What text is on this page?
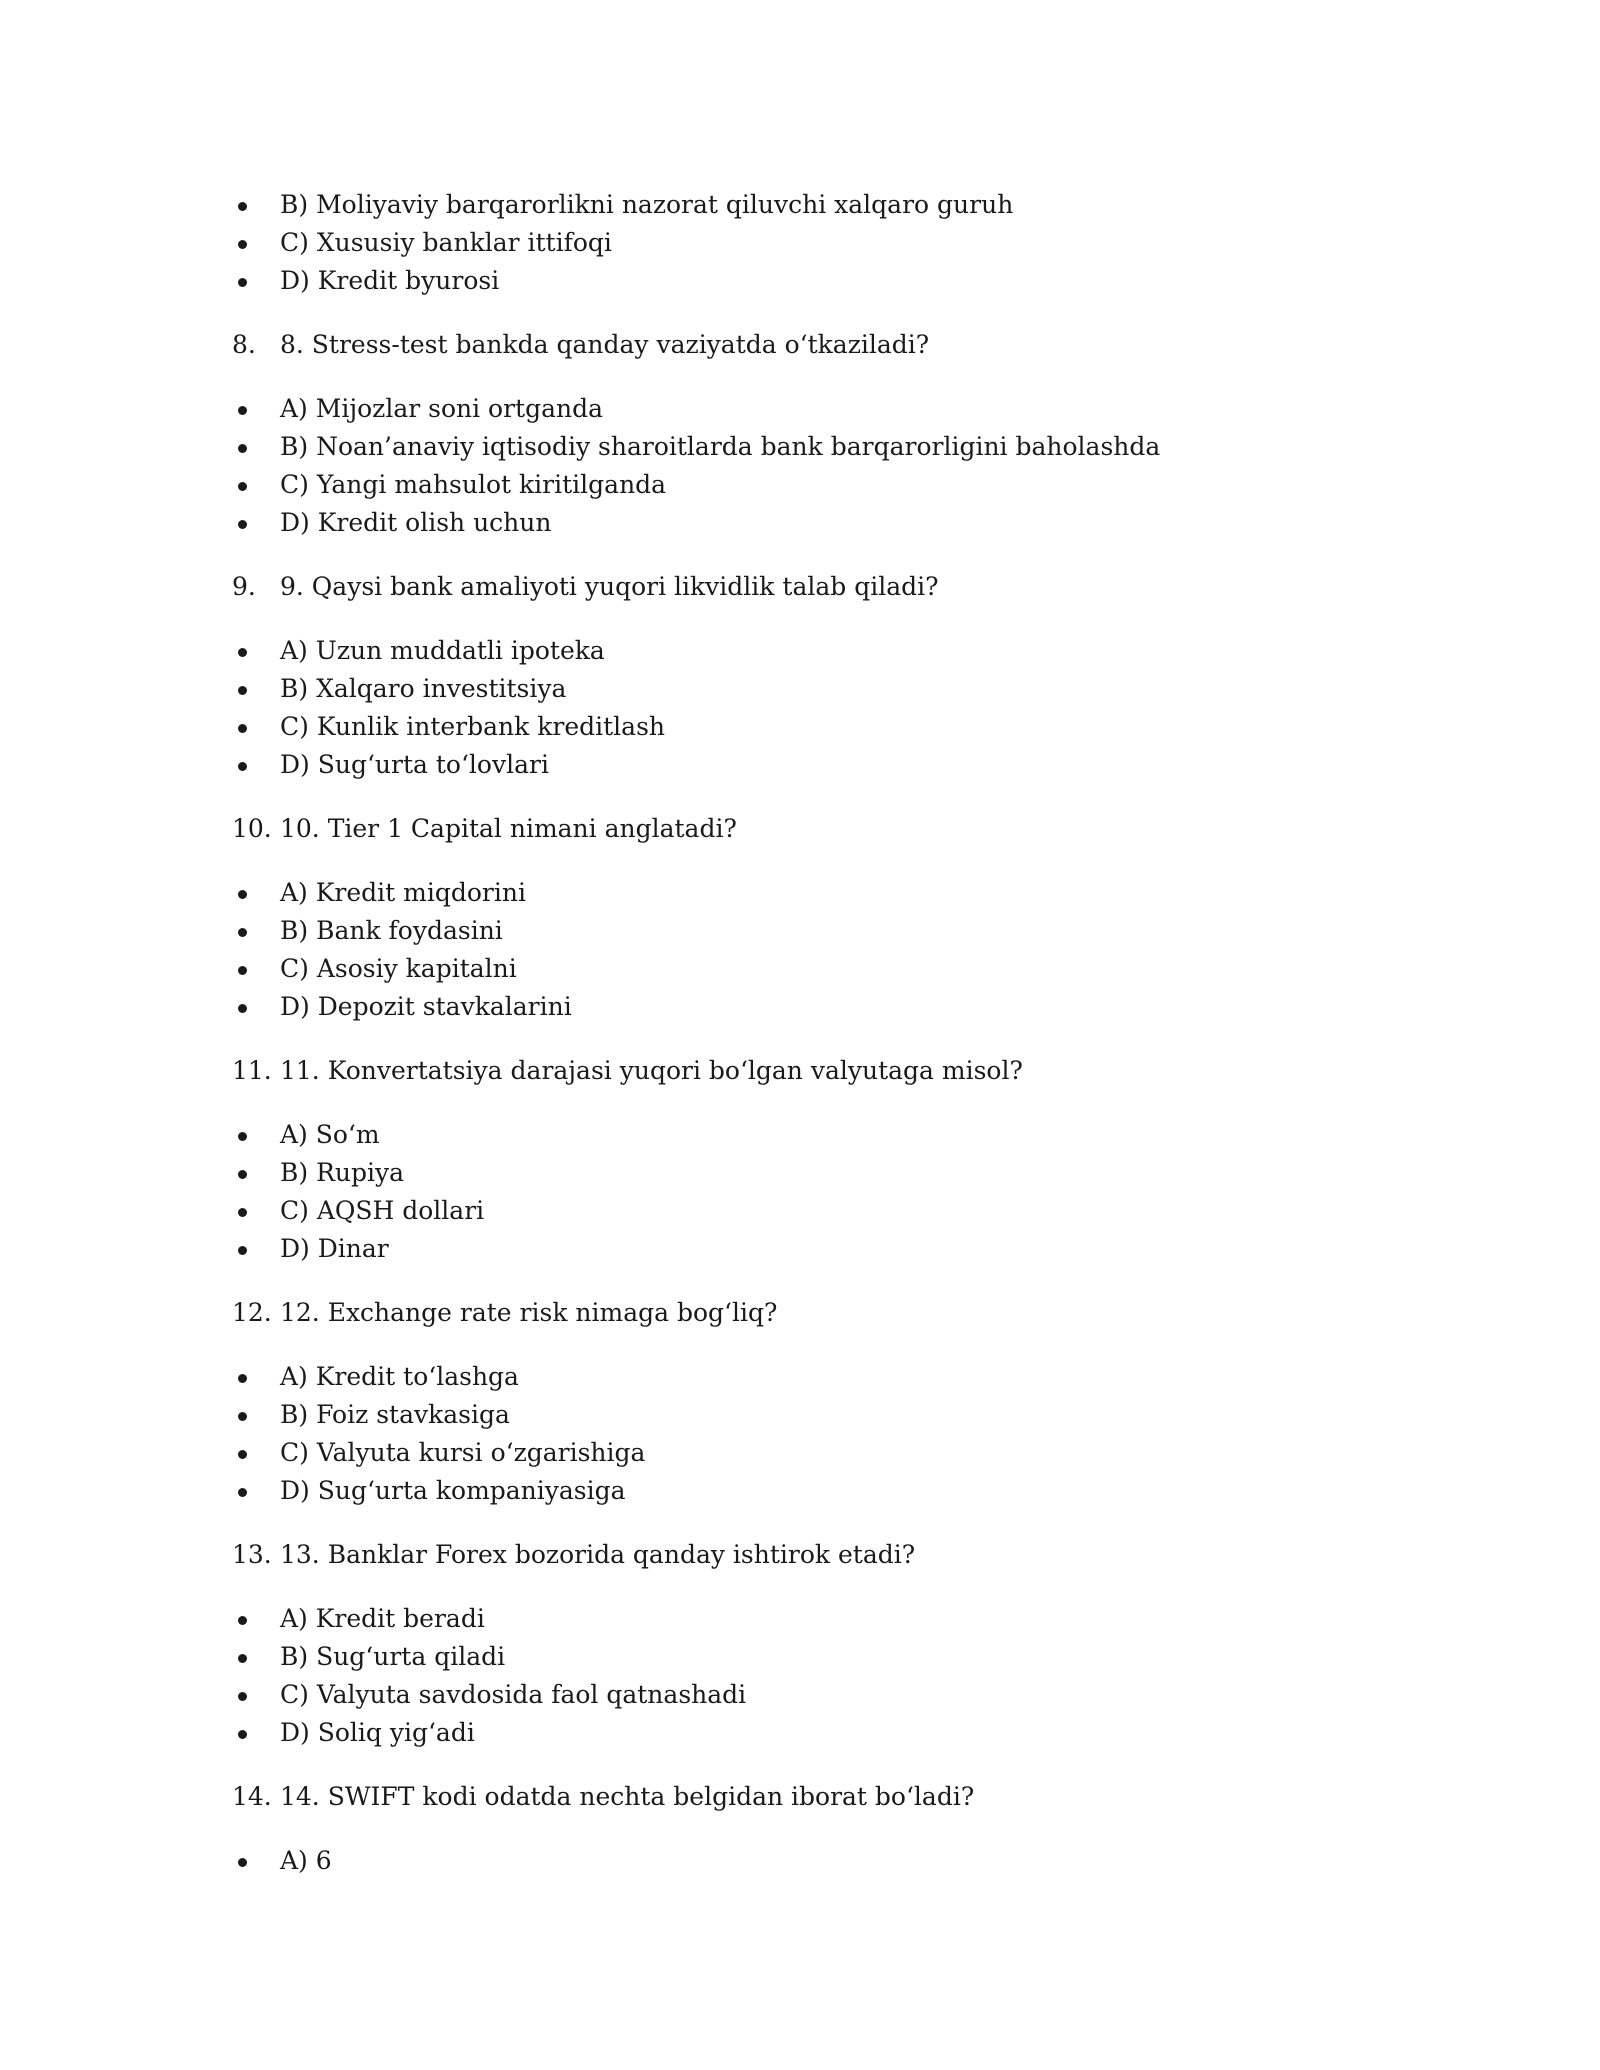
B) Moliyaviy barqarorlikni nazorat qiluvchi xalqaro guruh
C) Xususiy banklar ittifoqi
D) Kredit byurosi
8. 8. Stress-test bankda qanday vaziyatda o‘tkaziladi?
A) Mijozlar soni ortganda
B) Noan’anaviy iqtisodiy sharoitlarda bank barqarorligini baholashda
C) Yangi mahsulot kiritilganda
D) Kredit olish uchun
9. 9. Qaysi bank amaliyoti yuqori likvidlik talab qiladi?
A) Uzun muddatli ipoteka
B) Xalqaro investitsiya
C) Kunlik interbank kreditlash
D) Sug‘urta to‘lovlari
10. 10. Tier 1 Capital nimani anglatadi?
A) Kredit miqdorini
B) Bank foydasini
C) Asosiy kapitalni
D) Depozit stavkalarini
11. 11. Konvertatsiya darajasi yuqori bo‘lgan valyutaga misol?
A) So‘m
B) Rupiya
C) AQSH dollari
D) Dinar
12. 12. Exchange rate risk nimaga bog‘liq?
A) Kredit to‘lashga
B) Foiz stavkasiga
C) Valyuta kursi o‘zgarishiga
D) Sug‘urta kompaniyasiga
13. 13. Banklar Forex bozorida qanday ishtirok etadi?
A) Kredit beradi
B) Sug‘urta qiladi
C) Valyuta savdosida faol qatnashadi
D) Soliq yig‘adi
14. 14. SWIFT kodi odatda nechta belgidan iborat bo‘ladi?
A) 6
